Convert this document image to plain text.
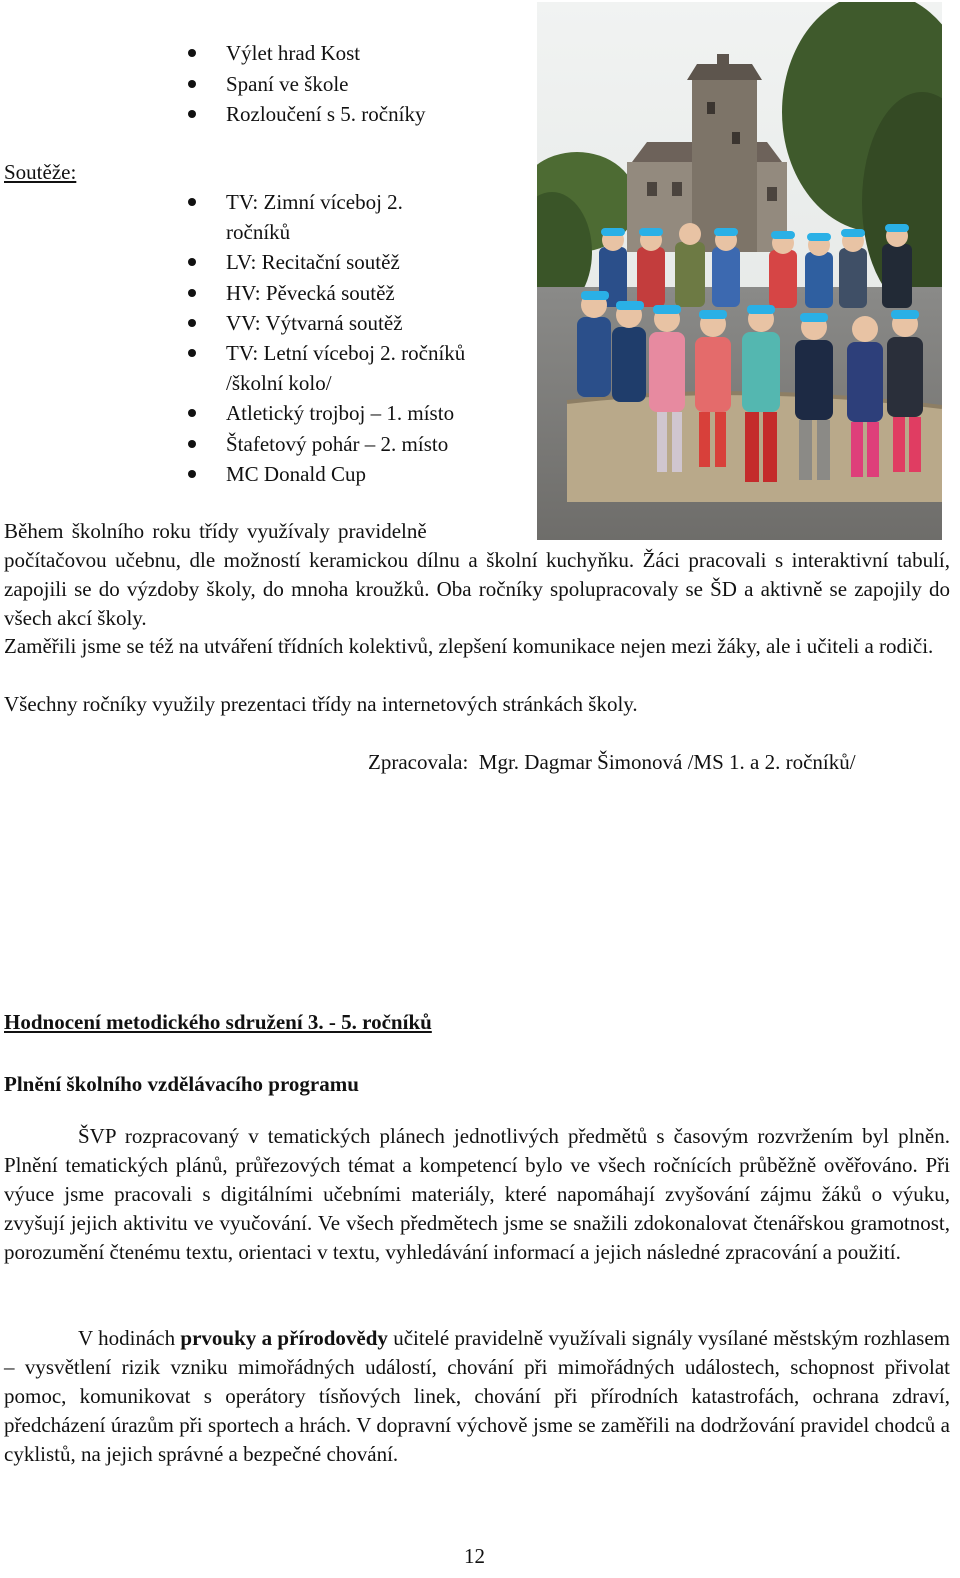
Výlet hrad Kost
Spaní ve škole
Rozloučení s 5. ročníky
Soutěže:
TV: Zimní víceboj 2.
ročníků
LV: Recitační soutěž
HV: Pěvecká soutěž
VV: Výtvarná soutěž
TV: Letní víceboj 2. ročníků
/školní kolo/
Atletický trojboj – 1. místo
Štafetový pohár – 2. místo
MC Donald Cup
Během školního roku třídy využívaly pravidelně

počítačovou učebnu, dle možností keramickou dílnu a školní kuchyňku. Žáci pracovali s interaktivní tabulí, zapojili se do výzdoby školy, do mnoha kroužků. Oba ročníky spolupracovaly se ŠD a aktivně se zapojily do všech akcí školy.

Zaměřili jsme se též na utváření třídních kolektivů, zlepšení komunikace nejen mezi žáky, ale i učiteli a rodiči.

Všechny ročníky využily prezentaci třídy na internetových stránkách školy.

Zpracovala:  Mgr. Dagmar Šimonová /MS 1. a 2. ročníků/
Hodnocení metodického sdružení 3. - 5. ročníků
Plnění školního vzdělávacího programu

ŠVP rozpracovaný v tematických plánech jednotlivých předmětů s časovým rozvržením byl plněn. Plnění tematických plánů, průřezových témat a kompetencí bylo ve všech ročnících průběžně ověřováno. Při výuce jsme pracovali s digitálními učebními materiály, které napomáhají zvyšování zájmu žáků o výuku, zvyšují jejich aktivitu ve vyučování. Ve všech předmětech jsme se snažili zdokonalovat čtenářskou gramotnost, porozumění čtenému textu, orientaci v textu, vyhledávání informací a jejich následné zpracování a použití.

V hodinách prvouky a přírodovědy učitelé pravidelně využívali signály vysílané městským rozhlasem – vysvětlení rizik vzniku mimořádných událostí, chování při mimořádných událostech, schopnost přivolat pomoc, komunikovat s operátory tísňových linek, chování při přírodních katastrofách, ochrana zdraví, předcházení úrazům při sportech a hrách. V dopravní výchově jsme se zaměřili na dodržování pravidel chodců a cyklistů, na jejich správné a bezpečné chování.

12
